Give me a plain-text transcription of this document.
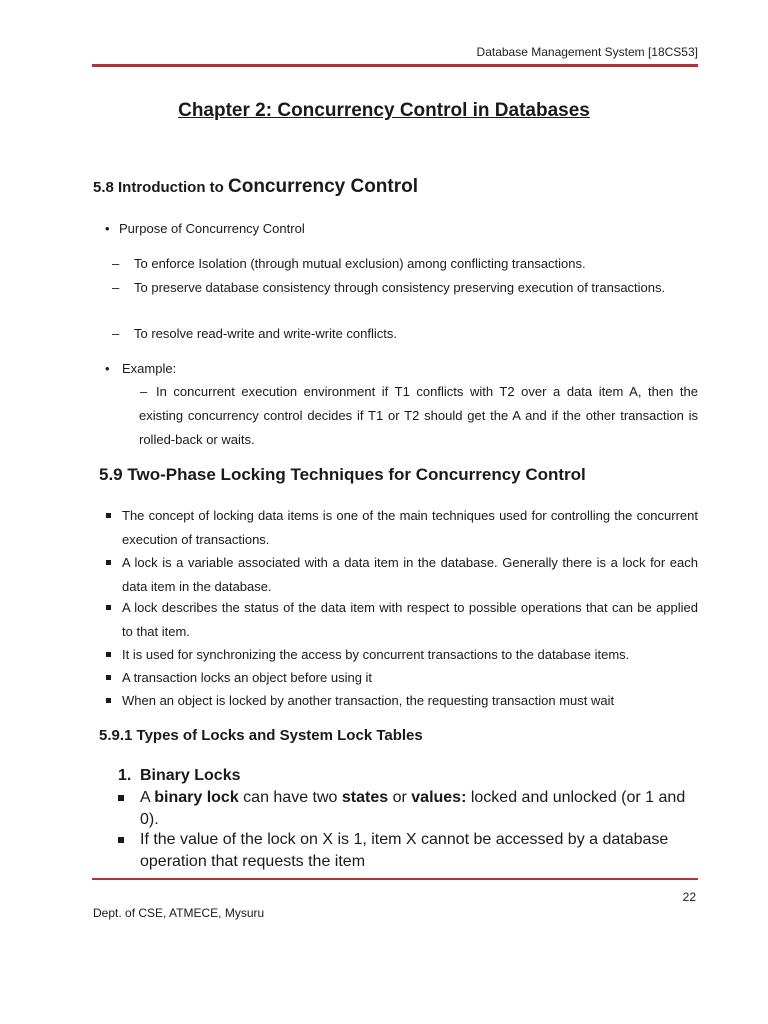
Database Management System [18CS53]
Chapter 2: Concurrency Control in Databases
5.8 Introduction to Concurrency Control
• Purpose of Concurrency Control
– To enforce Isolation (through mutual exclusion) among conflicting transactions.
– To preserve database consistency through consistency preserving execution of transactions.
– To resolve read-write and write-write conflicts.
• Example:
– In concurrent execution environment if T1 conflicts with T2 over a data item A, then the existing concurrency control decides if T1 or T2 should get the A and if the other transaction is rolled-back or waits.
5.9 Two-Phase Locking Techniques for Concurrency Control
The concept of locking data items is one of the main techniques used for controlling the concurrent execution of transactions.
A lock is a variable associated with a data item in the database. Generally there is a lock for each data item in the database.
A lock describes the status of the data item with respect to possible operations that can be applied to that item.
It is used for synchronizing the access by concurrent transactions to the database items.
A transaction locks an object before using it
When an object is locked by another transaction, the requesting transaction must wait
5.9.1 Types of Locks and System Lock Tables
1. Binary Locks
A binary lock can have two states or values: locked and unlocked (or 1 and 0).
If the value of the lock on X is 1, item X cannot be accessed by a database operation that requests the item
22
Dept. of CSE, ATMECE, Mysuru
